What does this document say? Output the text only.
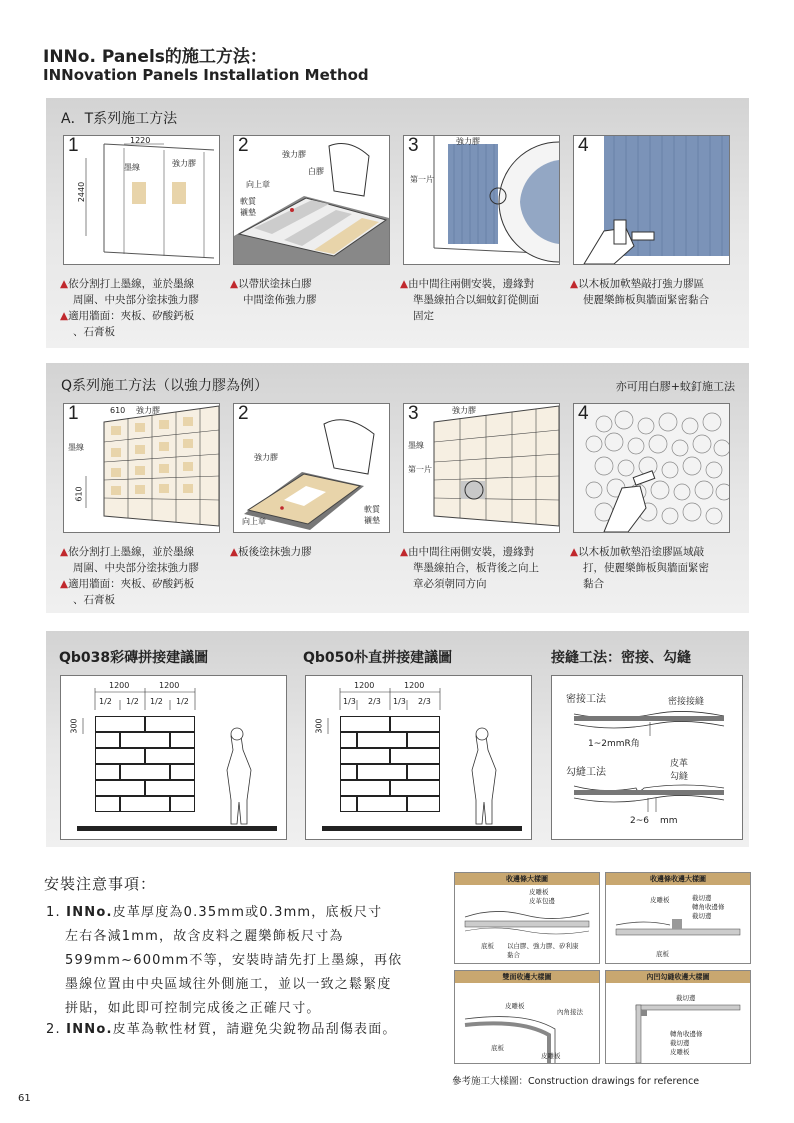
INNo. Panels的施工方法：
INNovation Panels Installation Method
A．T系列施工方法
1	1220
2440
墨線	強力膠
2	強力膠
白膠
向上章
軟質
襯墊
3	強力膠
第一片
4
▲依分割打上墨線，並於墨線
周圍、中央部分塗抹強力膠
▲適用牆面：夾板、矽酸鈣板
、石膏板
▲以帶狀塗抹白膠
中間塗佈強力膠
▲由中間往兩側安裝，邊緣對
準墨線拍合以細蚊釘從側面
固定
▲以木板加軟墊敲打強力膠區
使麗樂飾板與牆面緊密黏合
Q系列施工方法（以強力膠為例）	亦可用白膠+蚊釘施工法
1	610 強力膠
墨線
610
2
強力膠
向上章
軟質
襯墊
3	強力膠
墨線
第一片
4
▲依分割打上墨線，並於墨線
周圍、中央部分塗抹強力膠
▲適用牆面：夾板、矽酸鈣板
、石膏板
▲板後塗抹強力膠	▲由中間往兩側安裝，邊緣對
準墨線拍合，板背後之向上
章必須朝同方向
▲以木板加軟墊沿塗膠區域敲
打，使麗樂飾板與牆面緊密
黏合
Qb038彩磚拼接建議圖	Qb050朴直拼接建議圖	接縫工法：密接、勾縫
1200	1200
1/2 1/2 1/2 1/2
300
1200	1200
1/3 2/3 1/3 2/3
300
密接工法	密接接縫
1~2mmR角
勾縫工法
皮革
勾縫
2~6 mm
安裝注意事項：
1. INNo.皮革厚度為0.35mm或0.3mm，底板尺寸
左右各減1mm，故含皮料之麗樂飾板尺寸為
599mm~600mm不等，安裝時請先打上墨線，再依
墨線位置由中央區域往外側施工，並以一致之鬆緊度
拼貼，如此即可控制完成後之正確尺寸。
2. INNo.皮革為軟性材質，請避免尖銳物品刮傷表面。
收邊條大樣圖
皮雕板
皮革包邊
底板 以白膠、強力膠、矽利康
黏合
收邊條收邊大樣圖
皮雕板	截切邊
轉角收邊條
截切邊
底板
雙面收邊大樣圖
皮雕板
內角接法
底板
皮雕板
內凹勾縫收邊大樣圖
截切邊
轉角收邊條
截切邊
皮雕板
參考施工大樣圖：Construction drawings for reference
61
